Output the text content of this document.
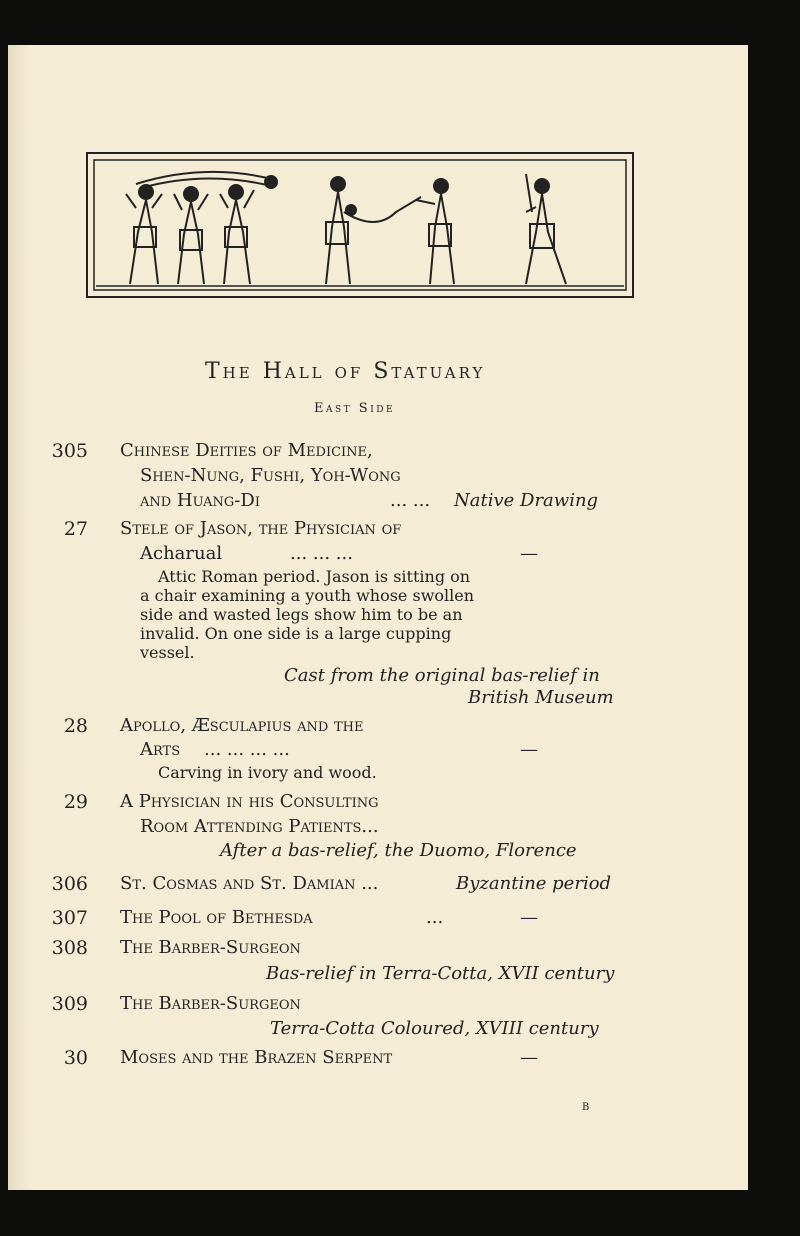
The Hall of Statuary
East Side
305 Chinese Deities of Medicine,
Shen-Nung, Fushi, Yoh-Wong
and Huang-Di	... ... Native Drawing
27 Stele of Jason, the Physician of
Acharual	... ... ...	—
Attic Roman period. Jason is sitting on
a chair examining a youth whose swollen
side and wasted legs show him to be an
invalid. On one side is a large cupping
vessel.
Cast from the original bas-relief in
British Museum
28 Apollo, Æsculapius and the
Arts ... ... ... ...	—
Carving in ivory and wood.
29 A Physician in his Consulting
Room Attending Patients...
After a bas-relief, the Duomo, Florence
306 St. Cosmas and St. Damian ...	Byzantine period
307 The Pool of Bethesda	...	—
308 The Barber-Surgeon
Bas-relief in Terra-Cotta, XVII century
309 The Barber-Surgeon
Terra-Cotta Coloured, XVIII century
30 Moses and the Brazen Serpent	—
B
